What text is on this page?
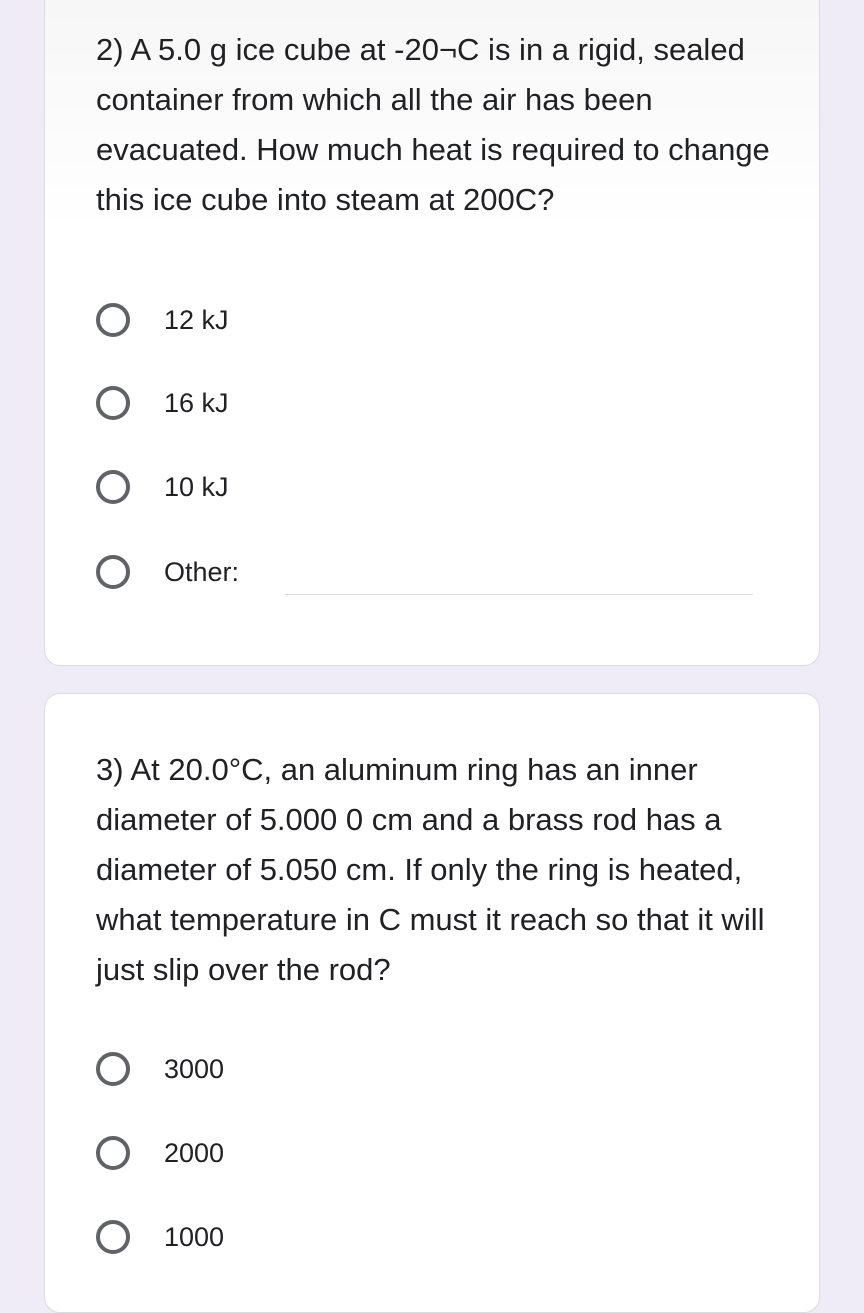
2) A 5.0 g ice cube at -20¬C is in a rigid, sealed container from which all the air has been evacuated. How much heat is required to change this ice cube into steam at 200C?

12 kJ
16 kJ
10 kJ
Other:

3) At 20.0°C, an aluminum ring has an inner diameter of 5.000 0 cm and a brass rod has a diameter of 5.050 cm. If only the ring is heated, what temperature in C must it reach so that it will just slip over the rod?

3000
2000
1000
